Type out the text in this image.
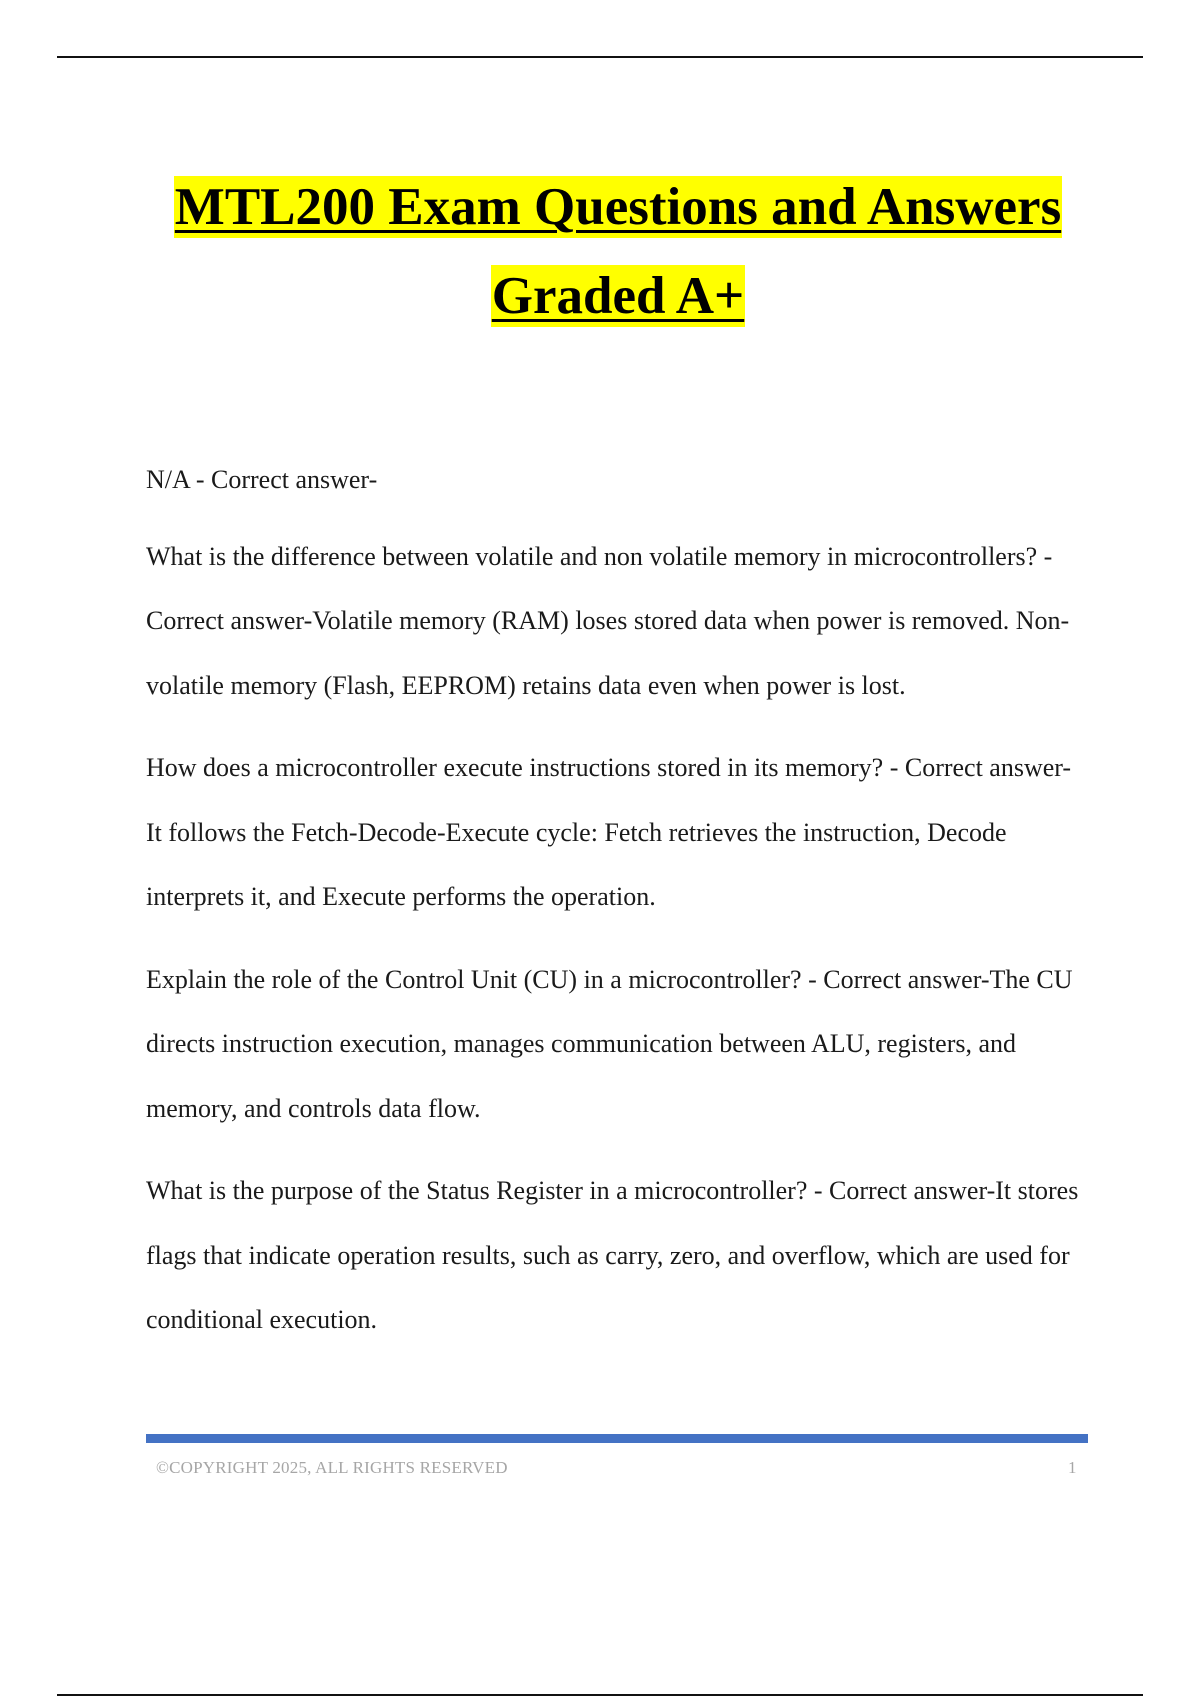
MTL200 Exam Questions and Answers
Graded A+

N/A - Correct answer-

What is the difference between volatile and non volatile memory in microcontrollers? - Correct answer-Volatile memory (RAM) loses stored data when power is removed. Non-volatile memory (Flash, EEPROM) retains data even when power is lost.

How does a microcontroller execute instructions stored in its memory? - Correct answer-It follows the Fetch-Decode-Execute cycle: Fetch retrieves the instruction, Decode interprets it, and Execute performs the operation.

Explain the role of the Control Unit (CU) in a microcontroller? - Correct answer-The CU directs instruction execution, manages communication between ALU, registers, and memory, and controls data flow.

What is the purpose of the Status Register in a microcontroller? - Correct answer-It stores flags that indicate operation results, such as carry, zero, and overflow, which are used for conditional execution.

©COPYRIGHT 2025, ALL RIGHTS RESERVED	1
